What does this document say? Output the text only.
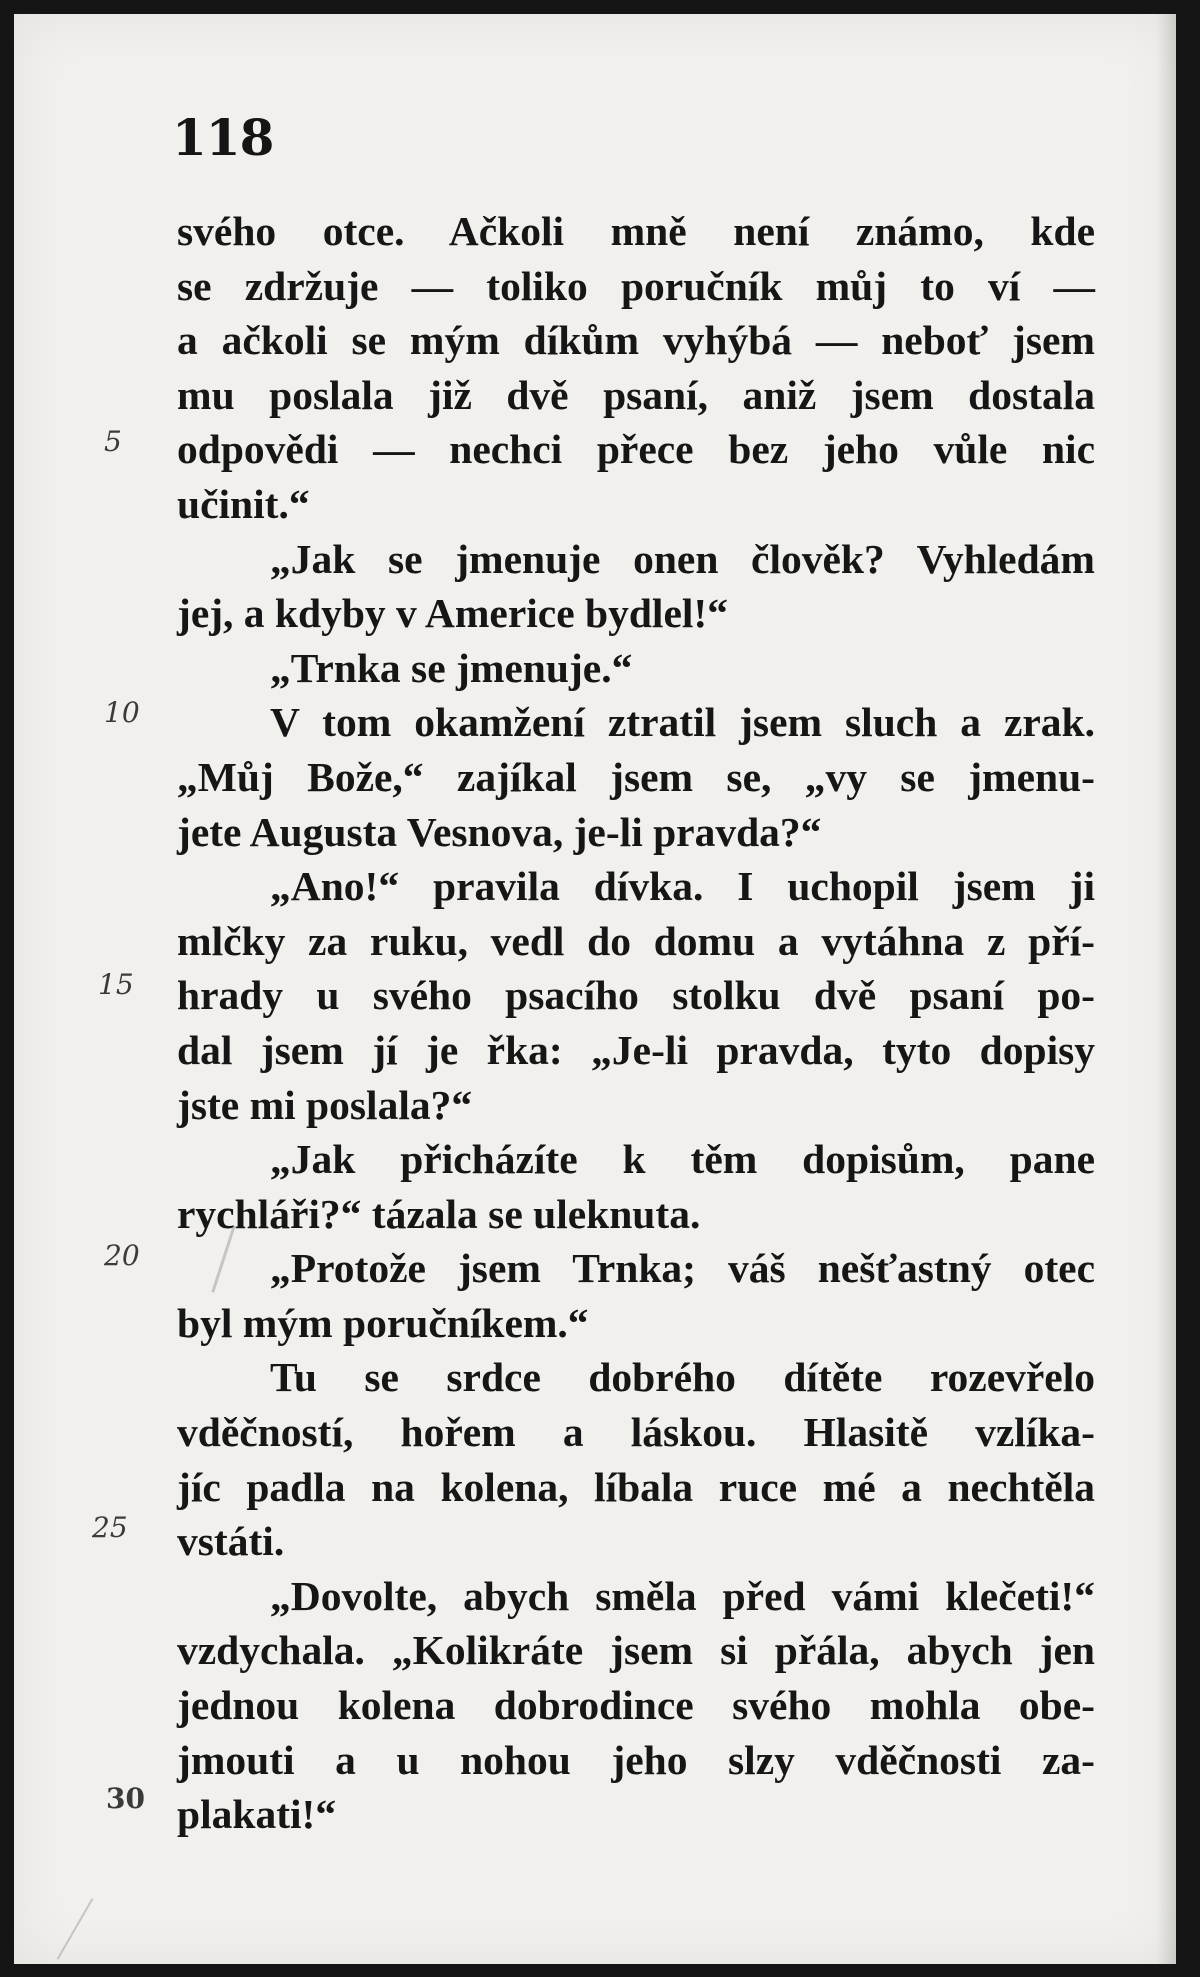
118
5
10
15
20
25
30
svého otce. Ačkoli mně není známo, kde
se zdržuje — toliko poručník můj to ví —
a ačkoli se mým díkům vyhýbá — neboť jsem
mu poslala již dvě psaní, aniž jsem dostala
odpovědi — nechci přece bez jeho vůle nic
učinit.“
„Jak se jmenuje onen člověk? Vyhledám
jej, a kdyby v Americe bydlel!“
„Trnka se jmenuje.“
V tom okamžení ztratil jsem sluch a zrak.
„Můj Bože,“ zajíkal jsem se, „vy se jmenu-
jete Augusta Vesnova, je-li pravda?“
„Ano!“ pravila dívka. I uchopil jsem ji
mlčky za ruku, vedl do domu a vytáhna z pří-
hrady u svého psacího stolku dvě psaní po-
dal jsem jí je řka: „Je-li pravda, tyto dopisy
jste mi poslala?“
„Jak přicházíte k těm dopisům, pane
rychláři?“ tázala se uleknuta.
„Protože jsem Trnka; váš nešťastný otec
byl mým poručníkem.“
Tu se srdce dobrého dítěte rozevřelo
vděčností, hořem a láskou. Hlasitě vzlíka-
jíc padla na kolena, líbala ruce mé a nechtěla
vstáti.
„Dovolte, abych směla před vámi klečeti!“
vzdychala. „Kolikráte jsem si přála, abych jen
jednou kolena dobrodince svého mohla obe-
jmouti a u nohou jeho slzy vděčnosti za-
plakati!“
